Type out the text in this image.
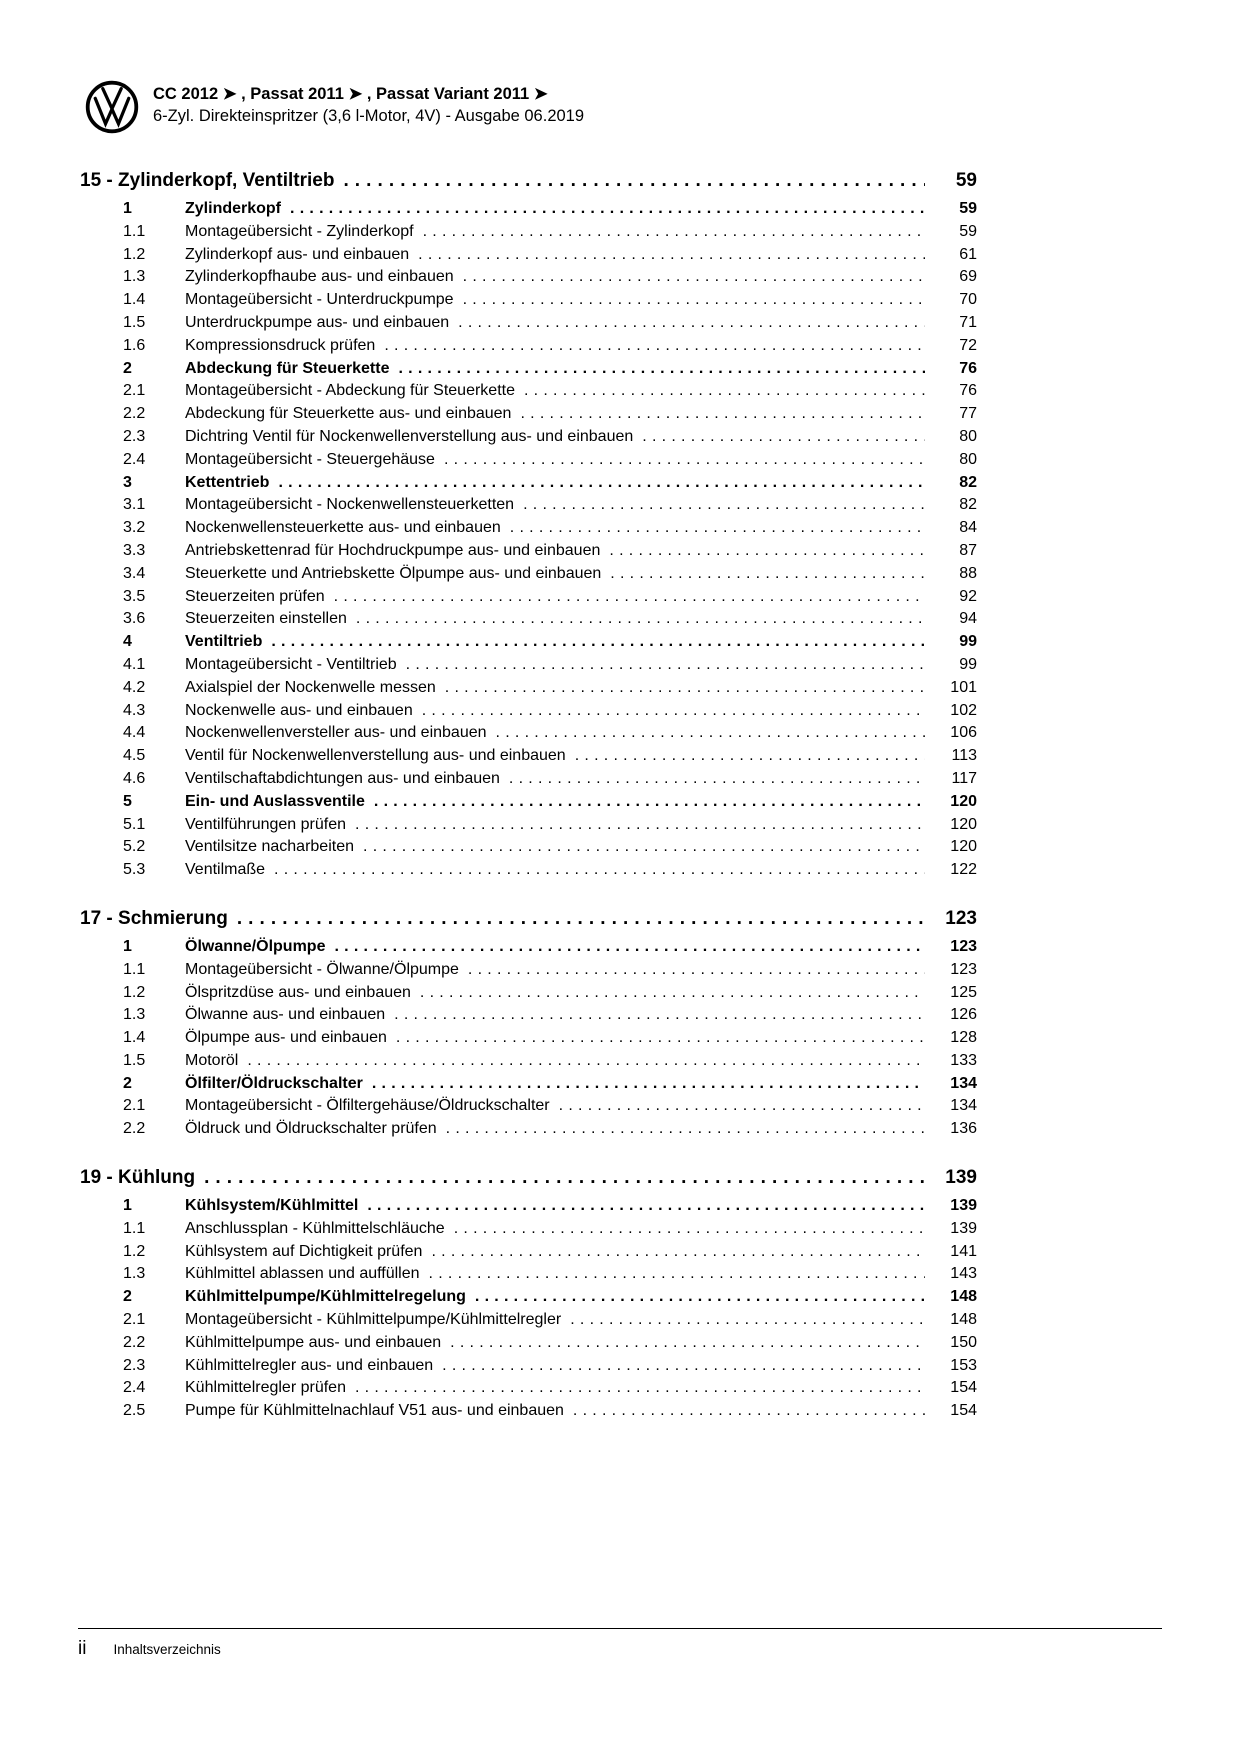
CC 2012 ➤ , Passat 2011 ➤ , Passat Variant 2011 ➤
6-Zyl. Direkteinspritzer (3,6 l-Motor, 4V) - Ausgabe 06.2019
15 - Zylinderkopf, Ventiltrieb . . .	59
1	Zylinderkopf . . .	59
1.1	Montageübersicht - Zylinderkopf . . .	59
1.2	Zylinderkopf aus- und einbauen . . .	61
1.3	Zylinderkopfhaube aus- und einbauen . . .	69
1.4	Montageübersicht - Unterdruckpumpe . . .	70
1.5	Unterdruckpumpe aus- und einbauen . . .	71
1.6	Kompressionsdruck prüfen . . .	72
2	Abdeckung für Steuerkette . . .	76
2.1	Montageübersicht - Abdeckung für Steuerkette . . .	76
2.2	Abdeckung für Steuerkette aus- und einbauen . . .	77
2.3	Dichtring Ventil für Nockenwellenverstellung aus- und einbauen . . .	80
2.4	Montageübersicht - Steuergehäuse . . .	80
3	Kettentrieb . . .	82
3.1	Montageübersicht - Nockenwellensteuerketten . . .	82
3.2	Nockenwellensteuerkette aus- und einbauen . . .	84
3.3	Antriebskettenrad für Hochdruckpumpe aus- und einbauen . . .	87
3.4	Steuerkette und Antriebskette Ölpumpe aus- und einbauen . . .	88
3.5	Steuerzeiten prüfen . . .	92
3.6	Steuerzeiten einstellen . . .	94
4	Ventiltrieb . . .	99
4.1	Montageübersicht - Ventiltrieb . . .	99
4.2	Axialspiel der Nockenwelle messen . . .	101
4.3	Nockenwelle aus- und einbauen . . .	102
4.4	Nockenwellenversteller aus- und einbauen . . .	106
4.5	Ventil für Nockenwellenverstellung aus- und einbauen . . .	113
4.6	Ventilschaftabdichtungen aus- und einbauen . . .	117
5	Ein- und Auslassventile . . .	120
5.1	Ventilführungen prüfen . . .	120
5.2	Ventilsitze nacharbeiten . . .	120
5.3	Ventilmaße . . .	122
17 - Schmierung . . .	123
1	Ölwanne/Ölpumpe . . .	123
1.1	Montageübersicht - Ölwanne/Ölpumpe . . .	123
1.2	Ölspritzdüse aus- und einbauen . . .	125
1.3	Ölwanne aus- und einbauen . . .	126
1.4	Ölpumpe aus- und einbauen . . .	128
1.5	Motoröl . . .	133
2	Ölfilter/Öldruckschalter . . .	134
2.1	Montageübersicht - Ölfiltergehäuse/Öldruckschalter . . .	134
2.2	Öldruck und Öldruckschalter prüfen . . .	136
19 - Kühlung . . .	139
1	Kühlsystem/Kühlmittel . . .	139
1.1	Anschlussplan - Kühlmittelschläuche . . .	139
1.2	Kühlsystem auf Dichtigkeit prüfen . . .	141
1.3	Kühlmittel ablassen und auffüllen . . .	143
2	Kühlmittelpumpe/Kühlmittelregelung . . .	148
2.1	Montageübersicht - Kühlmittelpumpe/Kühlmittelregler . . .	148
2.2	Kühlmittelpumpe aus- und einbauen . . .	150
2.3	Kühlmittelregler aus- und einbauen . . .	153
2.4	Kühlmittelregler prüfen . . .	154
2.5	Pumpe für Kühlmittelnachlauf V51 aus- und einbauen . . .	154
ii Inhaltsverzeichnis
